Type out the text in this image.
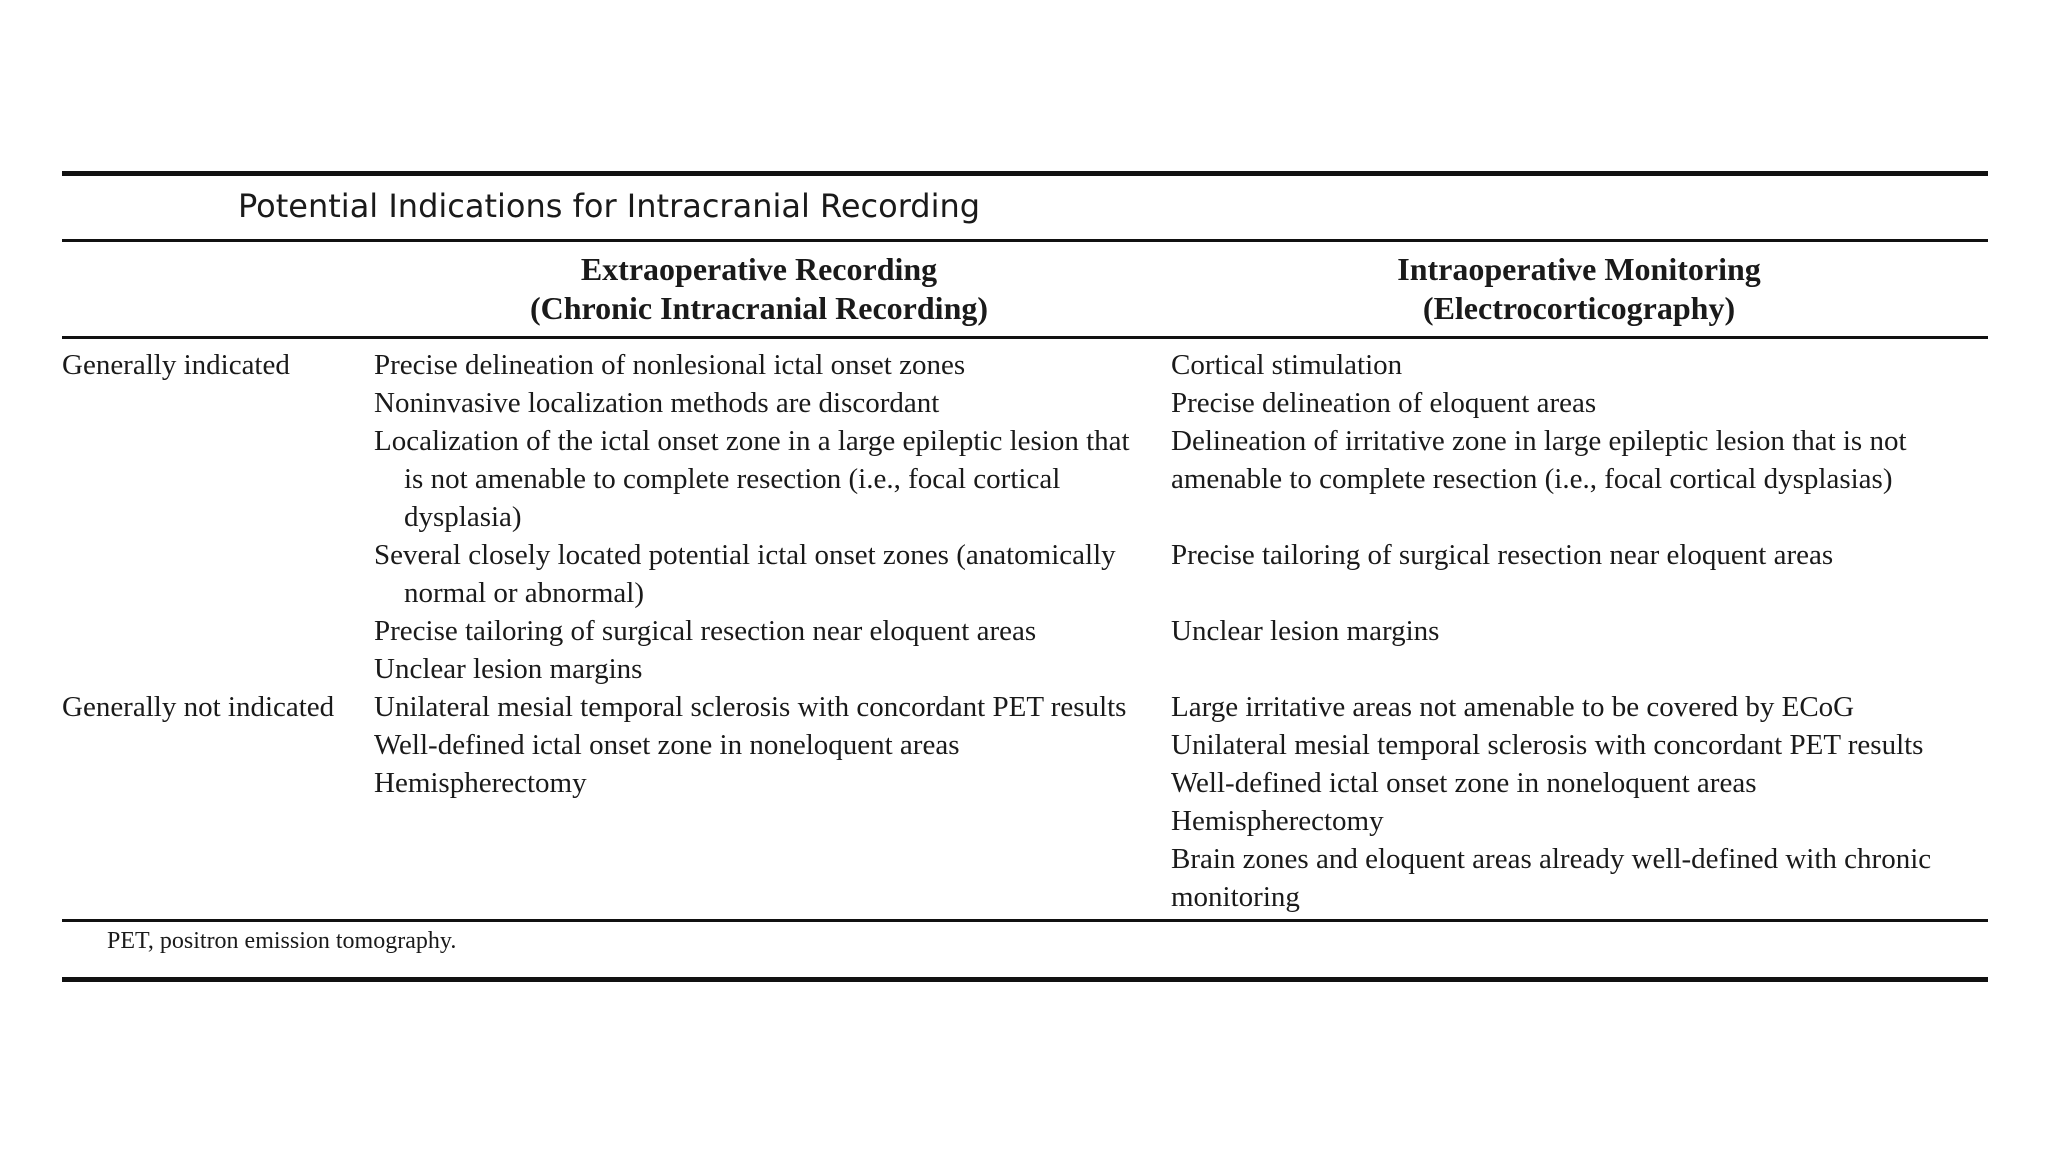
Potential Indications for Intracranial Recording
Extraoperative Recording
(Chronic Intracranial Recording)
Intraoperative Monitoring
(Electrocorticography)
Generally indicated
PET, positron emission tomography.
Precise delineation of nonlesional ictal onset zones
Noninvasive localization methods are discordant
Localization of the ictal onset zone in a large epileptic lesion that
is not amenable to complete resection (i.e., focal cortical
dysplasia)
Several closely located potential ictal onset zones (anatomically
normal or abnormal)
Precise tailoring of surgical resection near eloquent areas
Unclear lesion margins
Cortical stimulation
Precise delineation of eloquent areas
Delineation of irritative zone in large epileptic lesion that is not
amenable to complete resection (i.e., focal cortical dysplasias)

Precise tailoring of surgical resection near eloquent areas

Unclear lesion margins
Unilateral mesial temporal sclerosis with concordant PET results
Well-defined ictal onset zone in noneloquent areas
Hemispherectomy
Large irritative areas not amenable to be covered by ECoG
Unilateral mesial temporal sclerosis with concordant PET results
Well-defined ictal onset zone in noneloquent areas
Hemispherectomy
Brain zones and eloquent areas already well-defined with chronic
monitoring
Generally not indicated
